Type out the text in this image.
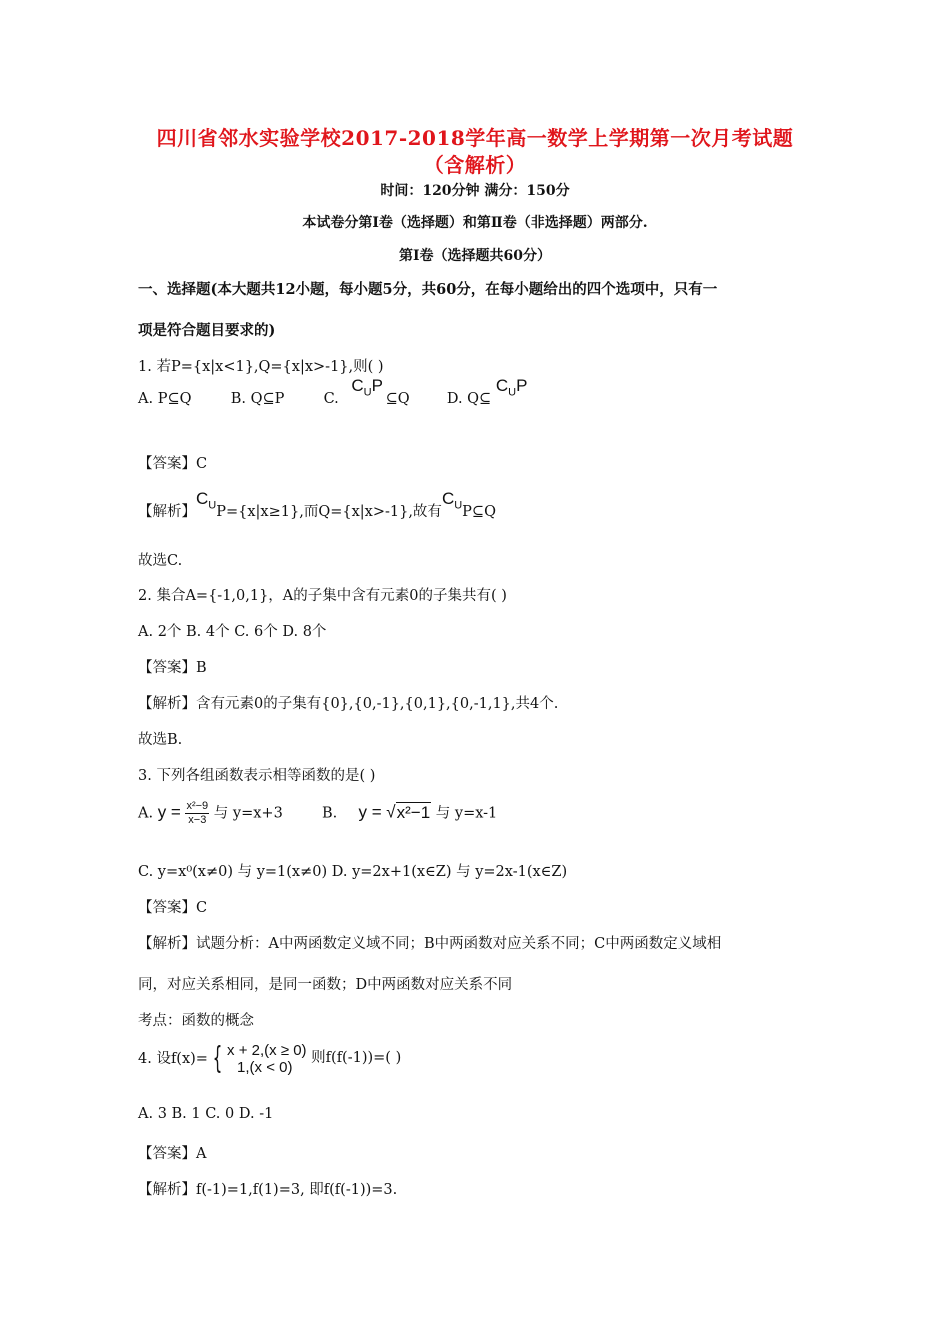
四川省邻水实验学校2017-2018学年高一数学上学期第一次月考试题
（含解析）
时间：120分钟 满分：150分
本试卷分第Ⅰ卷（选择题）和第Ⅱ卷（非选择题）两部分.
第Ⅰ卷（选择题共60分）
一、选择题(本大题共12小题，每小题5分，共60分，在每小题给出的四个选项中，只有一
项是符合题目要求的)
1. 若P={x|x<1},Q={x|x>-1},则( )
A. P⊆Q	B. Q⊆P	C. $C_UP$ ⊆Q	D. Q⊆ $C_UP$
【答案】C
【解析】$C_UP=\{x|x\ge 1\}$,而Q={x|x>-1},故有$C_UP⊆Q$
故选C.
2. 集合A={-1,0,1}，A的子集中含有元素0的子集共有( )
A. 2个 B. 4个 C. 6个 D. 8个
【答案】B
【解析】含有元素0的子集有{0},{0,-1},{0,1},{0,-1,1},共4个.
故选B.
3. 下列各组函数表示相等函数的是( )
A. $y = \frac{\text{x²−9}}{x-3}$ 与 y=x+3	B. y = √x²−1 与 y=x-1
C. y=x⁰(x≠0) 与 y=1(x≠0) D. y=2x+1(x∈Z) 与 y=2x-1(x∈Z)
【答案】C
【解析】试题分析：A中两函数定义域不同；B中两函数对应关系不同；C中两函数定义域相
同，对应关系相同，是同一函数；D中两函数对应关系不同
考点：函数的概念
4. 设f(x)= { x + 2,(x ≥ 0)
1,(x < 0)
则f(f(-1))=( )
A. 3 B. 1 C. 0 D. -1
【答案】A
【解析】f(-1)=1,f(1)=3, 即f(f(-1))=3.
